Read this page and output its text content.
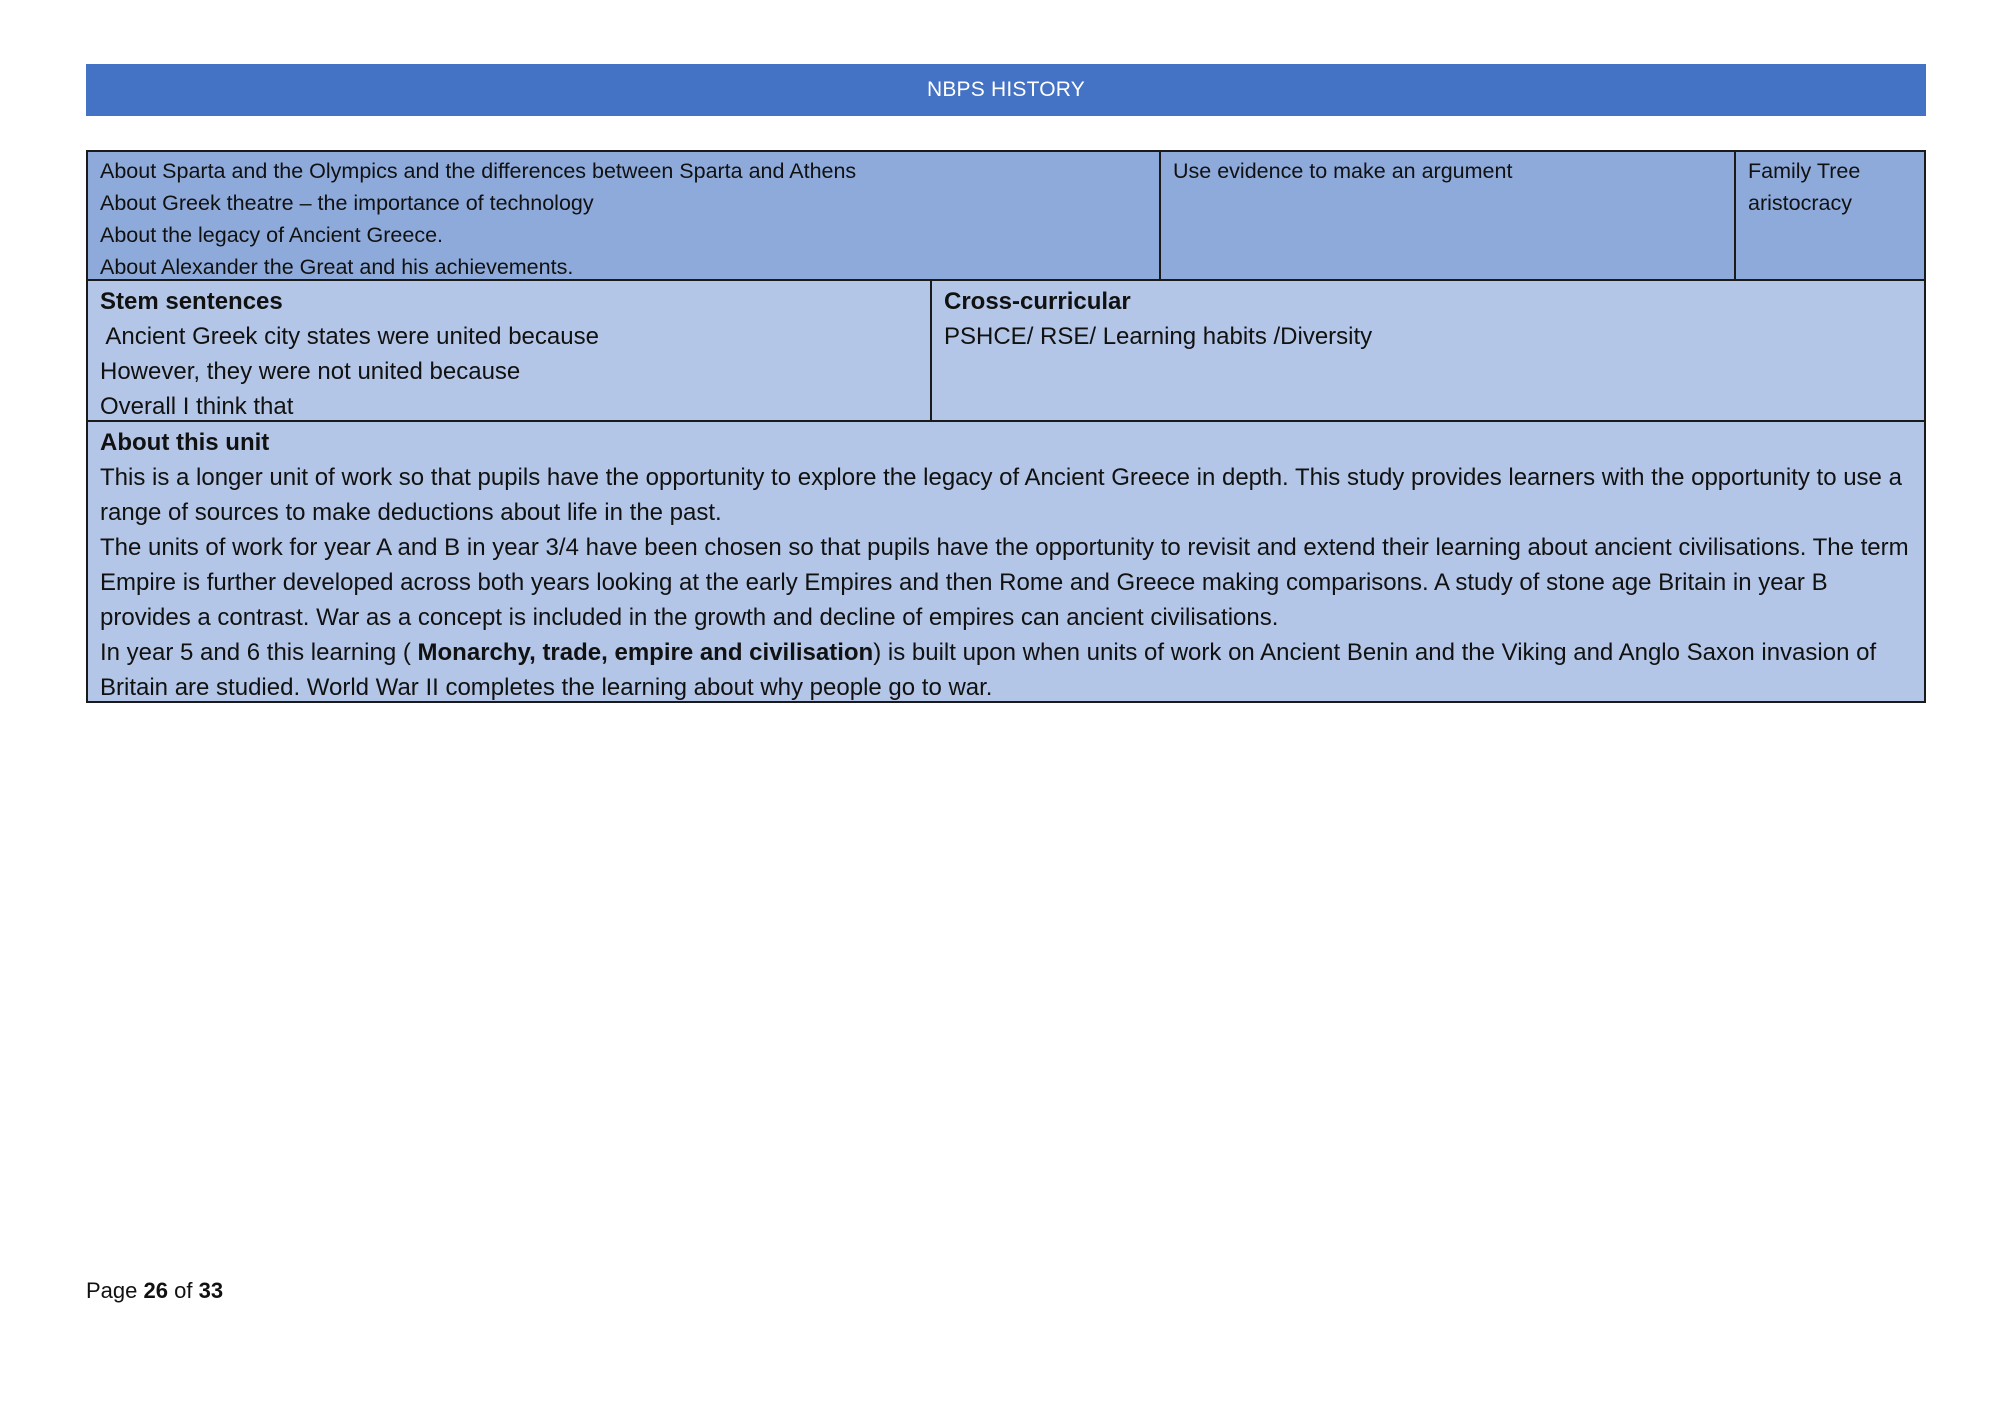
NBPS HISTORY
About Sparta and the Olympics and the differences between Sparta and Athens
About Greek theatre – the importance of technology
About the legacy of Ancient Greece.
About Alexander the Great and his achievements.
Use evidence to make an argument	Family Tree
aristocracy
Stem sentences
Ancient Greek city states were united because
However, they were not united because
Overall I think that
Cross-curricular
PSHCE/ RSE/ Learning habits /Diversity
About this unit
This is a longer unit of work so that pupils have the opportunity to explore the legacy of Ancient Greece in depth. This study provides learners with the opportunity to use a range of sources to make deductions about life in the past.
The units of work for year A and B in year 3/4 have been chosen so that pupils have the opportunity to revisit and extend their learning about ancient civilisations. The term Empire is further developed across both years looking at the early Empires and then Rome and Greece making comparisons. A study of stone age Britain in year B provides a contrast. War as a concept is included in the growth and decline of empires can ancient civilisations.
In year 5 and 6 this learning ( Monarchy, trade, empire and civilisation) is built upon when units of work on Ancient Benin and the Viking and Anglo Saxon invasion of Britain are studied. World War II completes the learning about why people go to war.
Page 26 of 33
